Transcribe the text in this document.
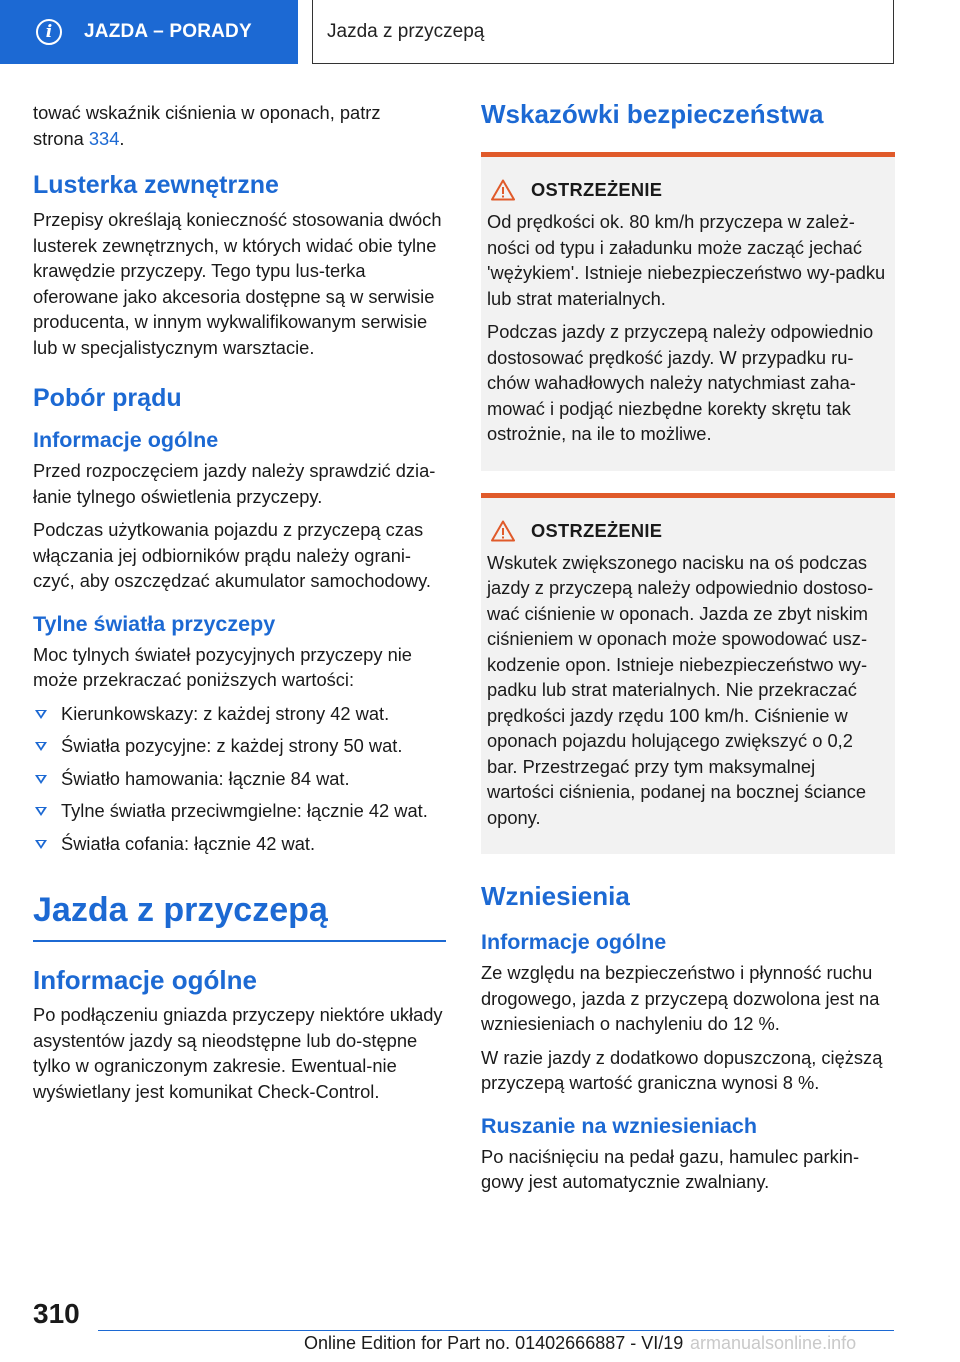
i	JAZDA – PORADY	Jazda z przyczepą

tować wskaźnik ciśnienia w oponach, patrz strona 334.

Lusterka zewnętrzne

Przepisy określają konieczność stosowania dwóch lusterek zewnętrznych, w których widać obie tylne krawędzie przyczepy. Tego typu lus-terka oferowane jako akcesoria dostępne są w serwisie producenta, w innym wykwalifikowanym serwisie lub w specjalistycznym warsztacie.

Pobór prądu
Informacje ogólne

Przed rozpoczęciem jazdy należy sprawdzić dzia-łanie tylnego oświetlenia przyczepy.

Podczas użytkowania pojazdu z przyczepą czas włączania jej odbiorników prądu należy ograni-czyć, aby oszczędzać akumulator samochodowy.

Tylne światła przyczepy

Moc tylnych świateł pozycyjnych przyczepy nie może przekraczać poniższych wartości:

Kierunkowskazy: z każdej strony 42 wat.
Światła pozycyjne: z każdej strony 50 wat.
Światło hamowania: łącznie 84 wat.
Tylne światła przeciwmgielne: łącznie 42 wat.
Światła cofania: łącznie 42 wat.
Jazda z przyczepą
Informacje ogólne

Po podłączeniu gniazda przyczepy niektóre układy asystentów jazdy są nieodstępne lub do-stępne tylko w ograniczonym zakresie. Ewentual-nie wyświetlany jest komunikat Check-Control.

Wskazówki bezpieczeństwa
OSTRZEŻENIE

Od prędkości ok. 80 km/h przyczepa w zależ-ności od typu i załadunku może zacząć jechać 'wężykiem'. Istnieje niebezpieczeństwo wy-padku lub strat materialnych.

Podczas jazdy z przyczepą należy odpowiednio dostosować prędkość jazdy. W przypadku ru-chów wahadłowych należy natychmiast zaha-mować i podjąć niezbędne korekty skrętu tak ostrożnie, na ile to możliwe.

OSTRZEŻENIE

Wskutek zwiększonego nacisku na oś podczas jazdy z przyczepą należy odpowiednio dostoso-wać ciśnienie w oponach. Jazda ze zbyt niskim ciśnieniem w oponach może spowodować usz-kodzenie opon. Istnieje niebezpieczeństwo wy-padku lub strat materialnych. Nie przekraczać prędkości jazdy rzędu 100 km/h. Ciśnienie w oponach pojazdu holującego zwiększyć o 0,2 bar. Przestrzegać przy tym maksymalnej wartości ciśnienia, podanej na bocznej ściance opony.

Wzniesienia
Informacje ogólne

Ze względu na bezpieczeństwo i płynność ruchu drogowego, jazda z przyczepą dozwolona jest na wzniesieniach o nachyleniu do 12 %.

W razie jazdy z dodatkowo dopuszczoną, cięższą przyczepą wartość graniczna wynosi 8 %.

Ruszanie na wzniesieniach

Po naciśnięciu na pedał gazu, hamulec parkin-gowy jest automatycznie zwalniany.

310
Online Edition for Part no. 01402666887 - VI/19 armanualsonline.info
